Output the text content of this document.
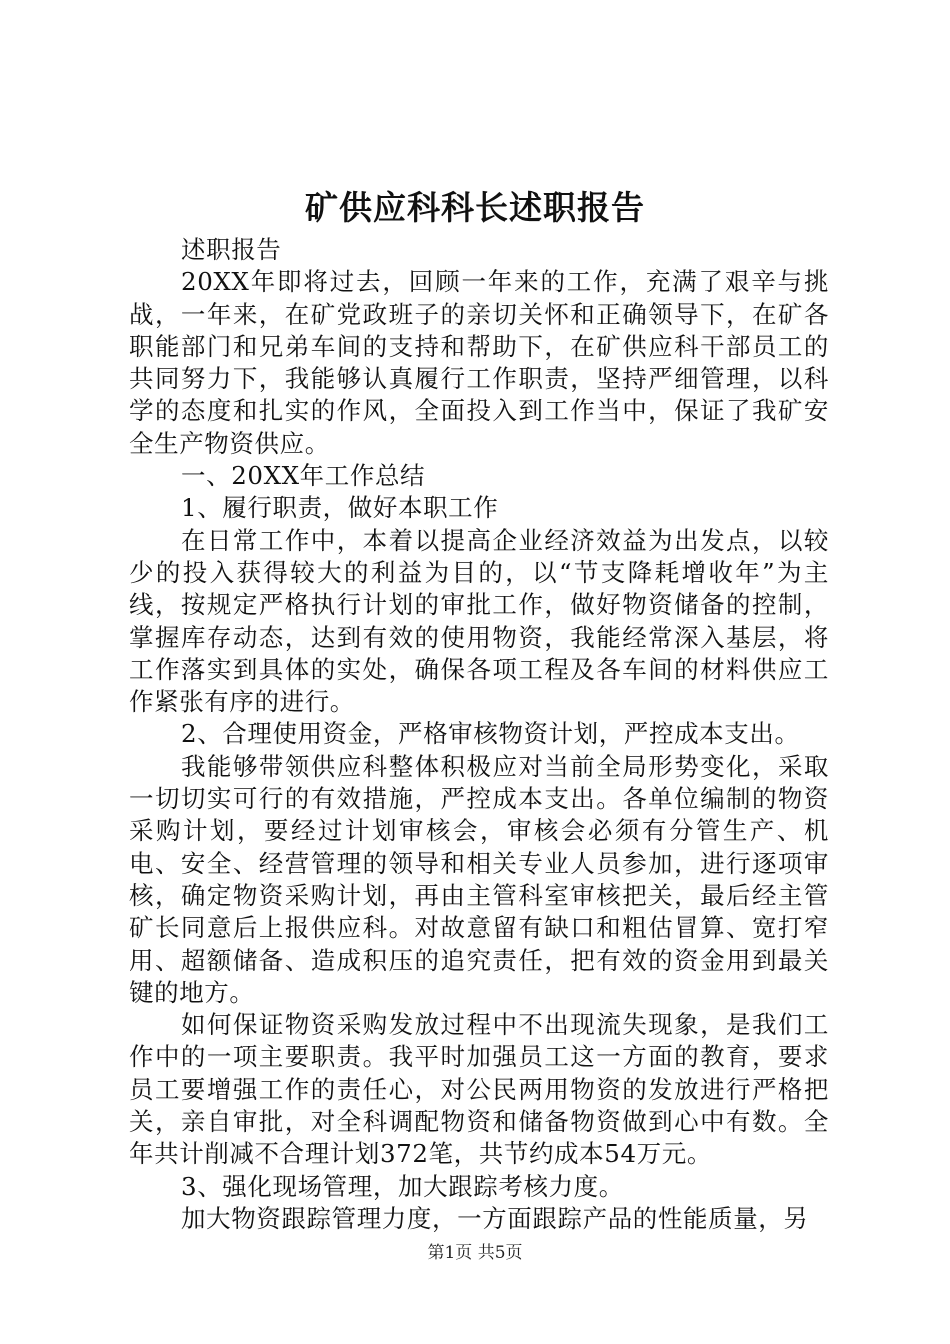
矿供应科科长述职报告

述职报告

20XX年即将过去，回顾一年来的工作，充满了艰辛与挑战，一年来，在矿党政班子的亲切关怀和正确领导下，在矿各职能部门和兄弟车间的支持和帮助下，在矿供应科干部员工的共同努力下，我能够认真履行工作职责，坚持严细管理，以科学的态度和扎实的作风，全面投入到工作当中，保证了我矿安全生产物资供应。

一、20XX年工作总结

1、履行职责，做好本职工作

在日常工作中，本着以提高企业经济效益为出发点，以较少的投入获得较大的利益为目的，以“节支降耗增收年”为主线，按规定严格执行计划的审批工作，做好物资储备的控制，掌握库存动态，达到有效的使用物资，我能经常深入基层，将工作落实到具体的实处，确保各项工程及各车间的材料供应工作紧张有序的进行。

2、合理使用资金，严格审核物资计划，严控成本支出。

我能够带领供应科整体积极应对当前全局形势变化，采取一切切实可行的有效措施，严控成本支出。各单位编制的物资采购计划，要经过计划审核会，审核会必须有分管生产、机电、安全、经营管理的领导和相关专业人员参加，进行逐项审核，确定物资采购计划，再由主管科室审核把关，最后经主管矿长同意后上报供应科。对故意留有缺口和粗估冒算、宽打窄用、超额储备、造成积压的追究责任，把有效的资金用到最关键的地方。

如何保证物资采购发放过程中不出现流失现象，是我们工作中的一项主要职责。我平时加强员工这一方面的教育，要求员工要增强工作的责任心，对公民两用物资的发放进行严格把关，亲自审批，对全科调配物资和储备物资做到心中有数。全年共计削减不合理计划372笔，共节约成本54万元。

3、强化现场管理，加大跟踪考核力度。

加大物资跟踪管理力度，一方面跟踪产品的性能质量，另

第1页 共5页
